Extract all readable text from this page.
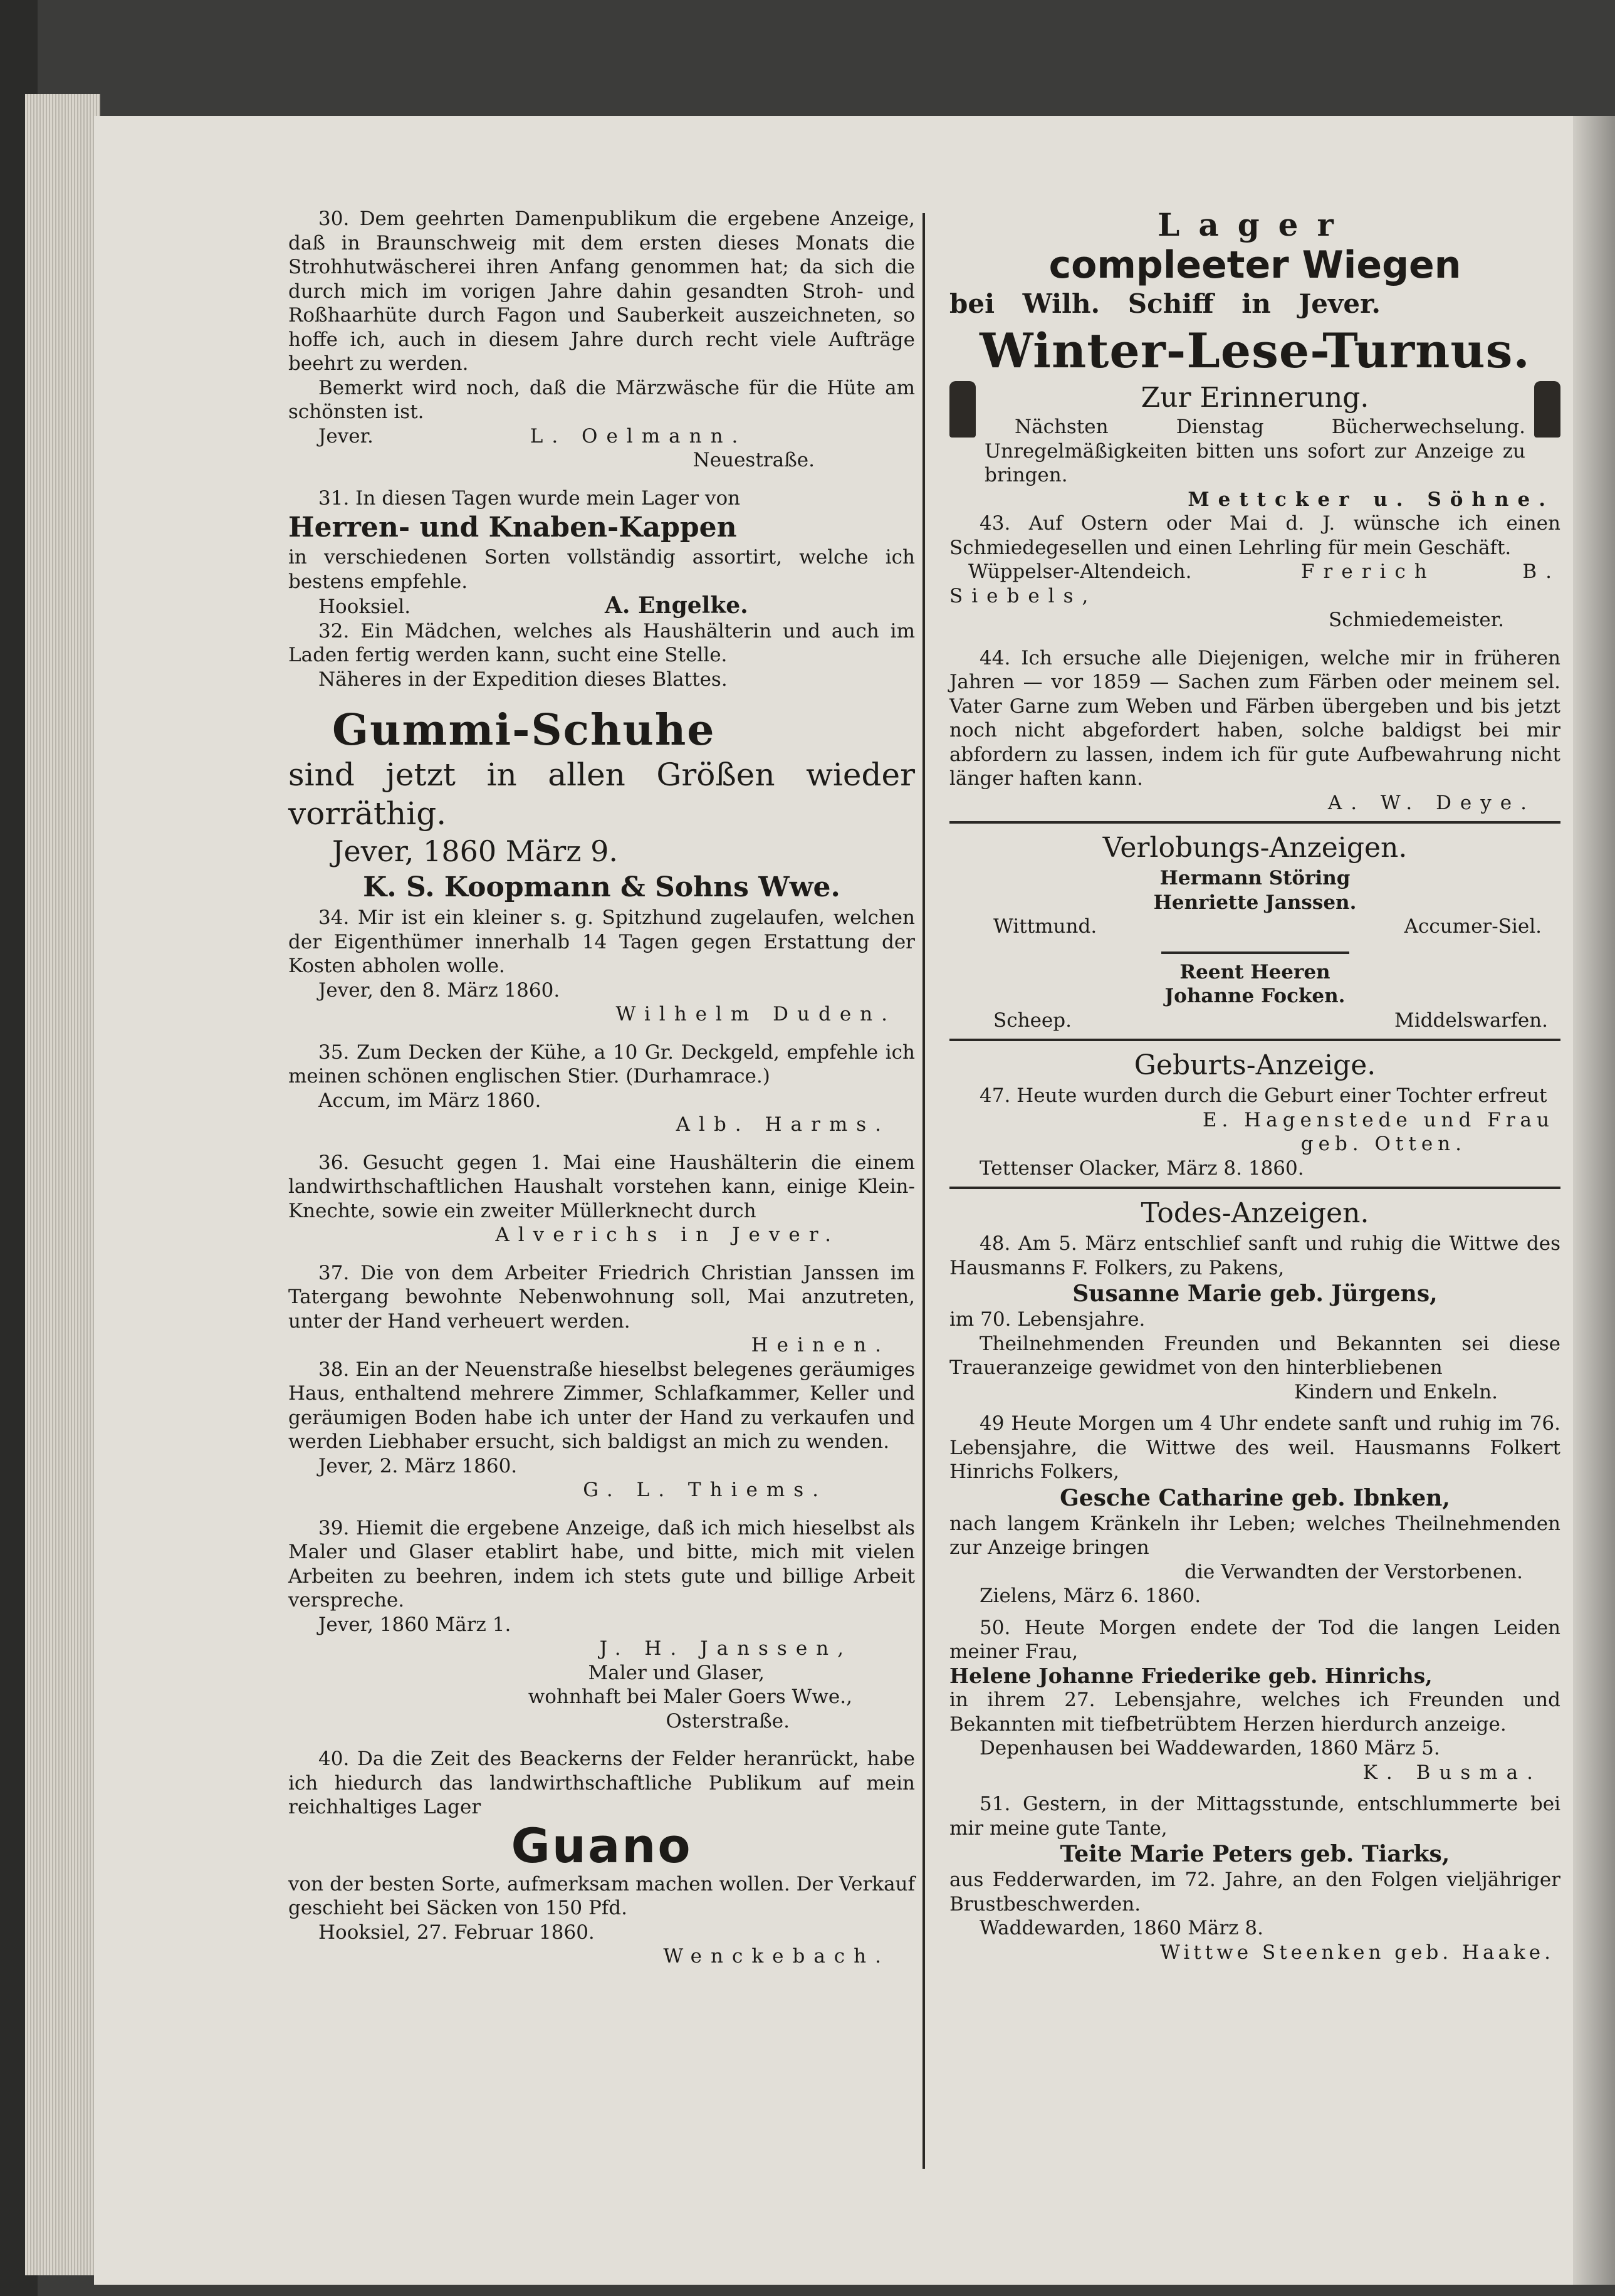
30. Dem geehrten Damenpublikum die ergebene Anzeige, daß in Braunschweig mit dem ersten dieses Monats die Strohhutwäscherei ihren Anfang genommen hat; da sich die durch mich im vorigen Jahre dahin gesandten Stroh- und Roßhaarhüte durch Fagon und Sauberkeit auszeichneten, so hoffe ich, auch in diesem Jahre durch recht viele Aufträge beehrt zu werden.

Bemerkt wird noch, daß die Märzwäsche für die Hüte am schönsten ist.

Jever.	L. Oelmann.

Neuestraße.

31. In diesen Tagen wurde mein Lager von

Herren- und Knaben-Kappen

in verschiedenen Sorten vollständig assortirt, welche ich bestens empfehle.

Hooksiel.	A. Engelke.

32. Ein Mädchen, welches als Haushälterin und auch im Laden fertig werden kann, sucht eine Stelle.

Näheres in der Expedition dieses Blattes.

Gummi-Schuhe

sind jetzt in allen Größen wieder vorräthig.

Jever, 1860 März 9.

K. S. Koopmann & Sohns Wwe.

34. Mir ist ein kleiner s. g. Spitzhund zugelaufen, welchen der Eigenthümer innerhalb 14 Tagen gegen Erstattung der Kosten abholen wolle.

Jever, den 8. März 1860.

Wilhelm Duden.

35. Zum Decken der Kühe, a 10 Gr. Deckgeld, empfehle ich meinen schönen englischen Stier. (Durhamrace.)

Accum, im März 1860.

Alb. Harms.

36. Gesucht gegen 1. Mai eine Haushälterin die einem landwirthschaftlichen Haushalt vorstehen kann, einige Klein-Knechte, sowie ein zweiter Müllerknecht durch

Alverichs in Jever.

37. Die von dem Arbeiter Friedrich Christian Janssen im Tatergang bewohnte Nebenwohnung soll, Mai anzutreten, unter der Hand verheuert werden.

Heinen.

38. Ein an der Neuenstraße hieselbst belegenes geräumiges Haus, enthaltend mehrere Zimmer, Schlafkammer, Keller und geräumigen Boden habe ich unter der Hand zu verkaufen und werden Liebhaber ersucht, sich baldigst an mich zu wenden.

Jever, 2. März 1860.

G. L. Thiems.

39. Hiemit die ergebene Anzeige, daß ich mich hieselbst als Maler und Glaser etablirt habe, und bitte, mich mit vielen Arbeiten zu beehren, indem ich stets gute und billige Arbeit verspreche.

Jever, 1860 März 1.

J. H. Janssen,

Maler und Glaser,

wohnhaft bei Maler Goers Wwe.,

Osterstraße.

40. Da die Zeit des Beackerns der Felder heranrückt, habe ich hiedurch das landwirthschaftliche Publikum auf mein reichhaltiges Lager

Guano

von der besten Sorte, aufmerksam machen wollen. Der Verkauf geschieht bei Säcken von 150 Pfd.

Hooksiel, 27. Februar 1860.

Wenckebach.

Lager

compleeter Wiegen

bei Wilh. Schiff in Jever.

Winter-Lese-Turnus.

Zur Erinnerung.

Nächsten Dienstag Bücherwechselung. Unregelmäßigkeiten bitten uns sofort zur Anzeige zu bringen.

Mettcker u. Söhne.

43. Auf Ostern oder Mai d. J. wünsche ich einen Schmiedegesellen und einen Lehrling für mein Geschäft.

Wüppelser-Altendeich.	Frerich B. Siebels,

Schmiedemeister.

44. Ich ersuche alle Diejenigen, welche mir in früheren Jahren — vor 1859 — Sachen zum Färben oder meinem sel. Vater Garne zum Weben und Färben übergeben und bis jetzt noch nicht abgefordert haben, solche baldigst bei mir abfordern zu lassen, indem ich für gute Aufbewahrung nicht länger haften kann.

A. W. Deye.

Verlobungs-Anzeigen.

Hermann Störing

Henriette Janssen.

Wittmund.	Accumer-Siel.

Reent Heeren

Johanne Focken.

Scheep.	Middelswarfen.

Geburts-Anzeige.

47. Heute wurden durch die Geburt einer Tochter erfreut

E. Hagenstede und Frau

geb. Otten.

Tettenser Olacker, März 8. 1860.

Todes-Anzeigen.

48. Am 5. März entschlief sanft und ruhig die Wittwe des Hausmanns F. Folkers, zu Pakens,

Susanne Marie geb. Jürgens,

im 70. Lebensjahre.

Theilnehmenden Freunden und Bekannten sei diese Traueranzeige gewidmet von den hinterbliebenen

Kindern und Enkeln.

49 Heute Morgen um 4 Uhr endete sanft und ruhig im 76. Lebensjahre, die Wittwe des weil. Hausmanns Folkert Hinrichs Folkers,

Gesche Catharine geb. Ibnken,

nach langem Kränkeln ihr Leben; welches Theilnehmenden zur Anzeige bringen

die Verwandten der Verstorbenen.

Zielens, März 6. 1860.

50. Heute Morgen endete der Tod die langen Leiden meiner Frau,

Helene Johanne Friederike geb. Hinrichs,

in ihrem 27. Lebensjahre, welches ich Freunden und Bekannten mit tiefbetrübtem Herzen hierdurch anzeige.

Depenhausen bei Waddewarden, 1860 März 5.

K. Busma.

51. Gestern, in der Mittagsstunde, entschlummerte bei mir meine gute Tante,

Teite Marie Peters geb. Tiarks,

aus Fedderwarden, im 72. Jahre, an den Folgen vieljähriger Brustbeschwerden.

Waddewarden, 1860 März 8.

Wittwe Steenken geb. Haake.
